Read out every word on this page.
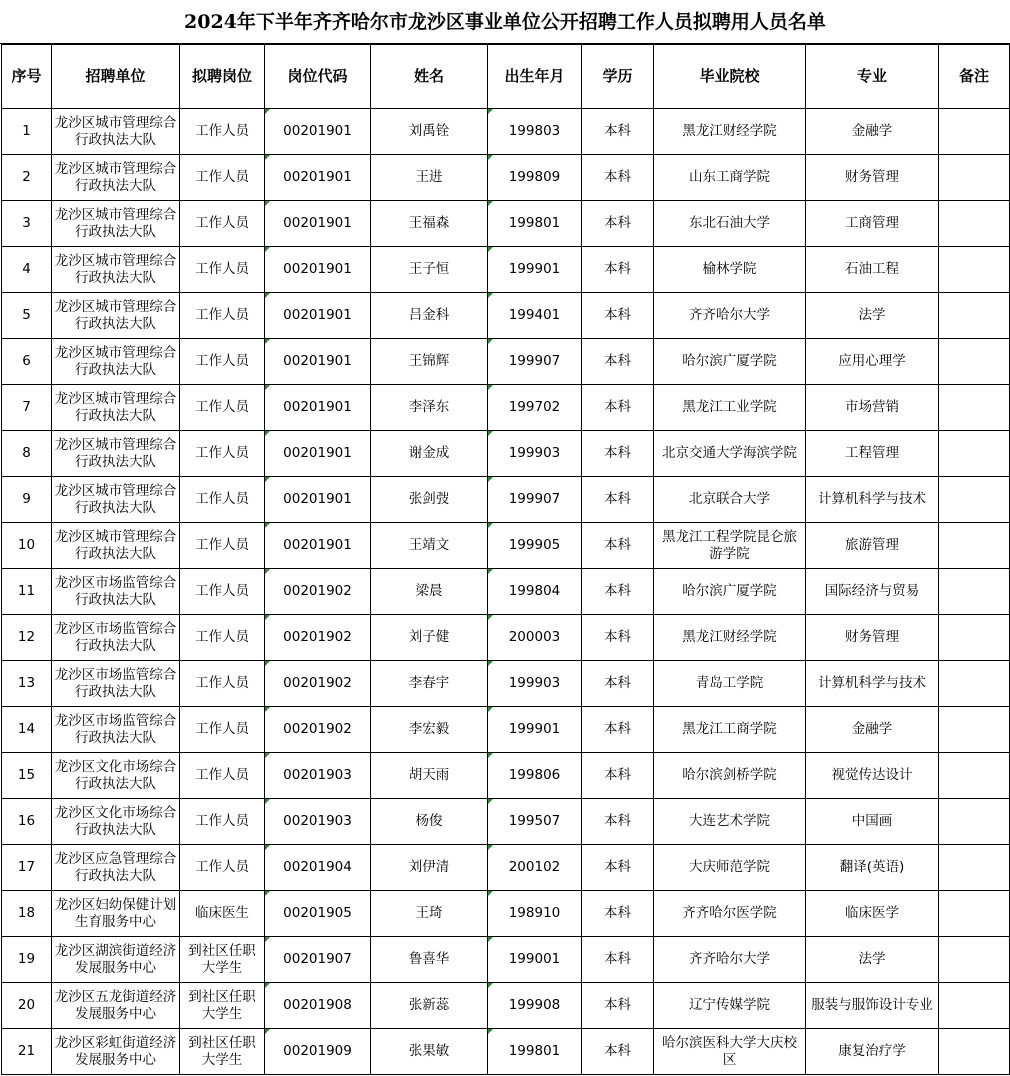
2024年下半年齐齐哈尔市龙沙区事业单位公开招聘工作人员拟聘用人员名单
序号	招聘单位	拟聘岗位	岗位代码	姓名	出生年月	学历	毕业院校	专业	备注
1	龙沙区城市管理综合行政执法大队	工作人员	00201901	刘禹铨	199803	本科	黑龙江财经学院	金融学	
2	龙沙区城市管理综合行政执法大队	工作人员	00201901	王进	199809	本科	山东工商学院	财务管理	
3	龙沙区城市管理综合行政执法大队	工作人员	00201901	王福森	199801	本科	东北石油大学	工商管理	
4	龙沙区城市管理综合行政执法大队	工作人员	00201901	王子恒	199901	本科	榆林学院	石油工程	
5	龙沙区城市管理综合行政执法大队	工作人员	00201901	吕金科	199401	本科	齐齐哈尔大学	法学	
6	龙沙区城市管理综合行政执法大队	工作人员	00201901	王锦辉	199907	本科	哈尔滨广厦学院	应用心理学	
7	龙沙区城市管理综合行政执法大队	工作人员	00201901	李泽东	199702	本科	黑龙江工业学院	市场营销	
8	龙沙区城市管理综合行政执法大队	工作人员	00201901	谢金成	199903	本科	北京交通大学海滨学院	工程管理	
9	龙沙区城市管理综合行政执法大队	工作人员	00201901	张剑弢	199907	本科	北京联合大学	计算机科学与技术	
10	龙沙区城市管理综合行政执法大队	工作人员	00201901	王靖文	199905	本科	黑龙江工程学院昆仑旅游学院	旅游管理	
11	龙沙区市场监管综合行政执法大队	工作人员	00201902	梁晨	199804	本科	哈尔滨广厦学院	国际经济与贸易	
12	龙沙区市场监管综合行政执法大队	工作人员	00201902	刘子健	200003	本科	黑龙江财经学院	财务管理	
13	龙沙区市场监管综合行政执法大队	工作人员	00201902	李春宇	199903	本科	青岛工学院	计算机科学与技术	
14	龙沙区市场监管综合行政执法大队	工作人员	00201902	李宏毅	199901	本科	黑龙江工商学院	金融学	
15	龙沙区文化市场综合行政执法大队	工作人员	00201903	胡天雨	199806	本科	哈尔滨剑桥学院	视觉传达设计	
16	龙沙区文化市场综合行政执法大队	工作人员	00201903	杨俊	199507	本科	大连艺术学院	中国画	
17	龙沙区应急管理综合行政执法大队	工作人员	00201904	刘伊清	200102	本科	大庆师范学院	翻译(英语)	
18	龙沙区妇幼保健计划生育服务中心	临床医生	00201905	王琦	198910	本科	齐齐哈尔医学院	临床医学	
19	龙沙区湖滨街道经济发展服务中心	到社区任职大学生	00201907	鲁喜华	199001	本科	齐齐哈尔大学	法学	
20	龙沙区五龙街道经济发展服务中心	到社区任职大学生	00201908	张新蕊	199908	本科	辽宁传媒学院	服装与服饰设计专业	
21	龙沙区彩虹街道经济发展服务中心	到社区任职大学生	00201909	张果敏	199801	本科	哈尔滨医科大学大庆校区	康复治疗学	
